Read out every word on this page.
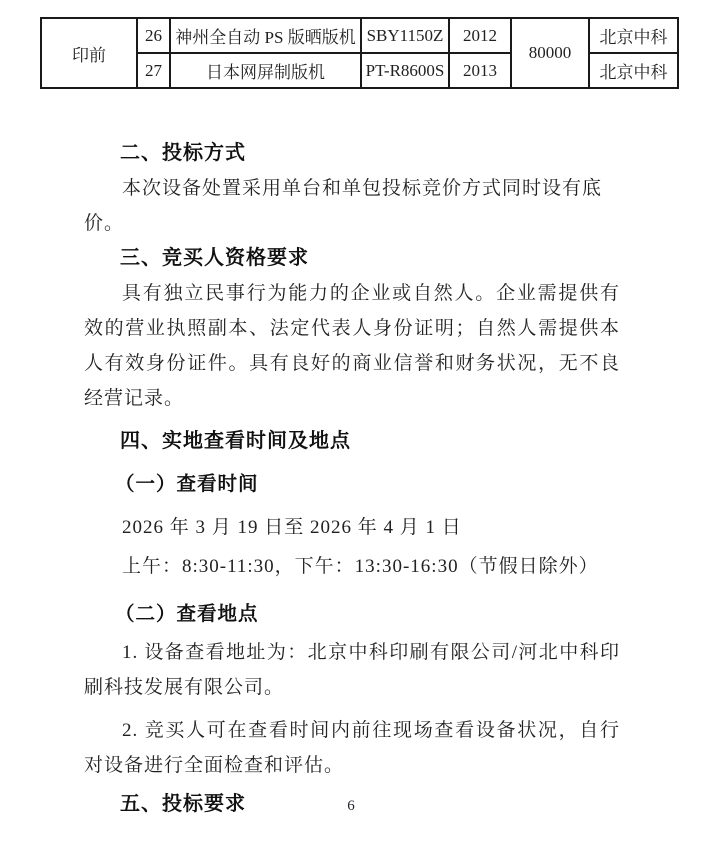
印前	26	神州全自动 PS 版晒版机	SBY1150Z	2012	80000	北京中科
	27	日本网屏制版机	PT-R8600S	2013		北京中科
二、投标方式
本次设备处置采用单台和单包投标竞价方式同时设有底价。
三、竞买人资格要求
具有独立民事行为能力的企业或自然人。企业需提供有效的营业执照副本、法定代表人身份证明；自然人需提供本人有效身份证件。具有良好的商业信誉和财务状况，无不良经营记录。
四、实地查看时间及地点
（一）查看时间
2026 年 3 月 19 日至 2026 年 4 月 1 日
上午：8:30-11:30，下午：13:30-16:30（节假日除外）
（二）查看地点
1. 设备查看地址为：北京中科印刷有限公司/河北中科印刷科技发展有限公司。
2. 竞买人可在查看时间内前往现场查看设备状况，自行对设备进行全面检查和评估。
五、投标要求	6
